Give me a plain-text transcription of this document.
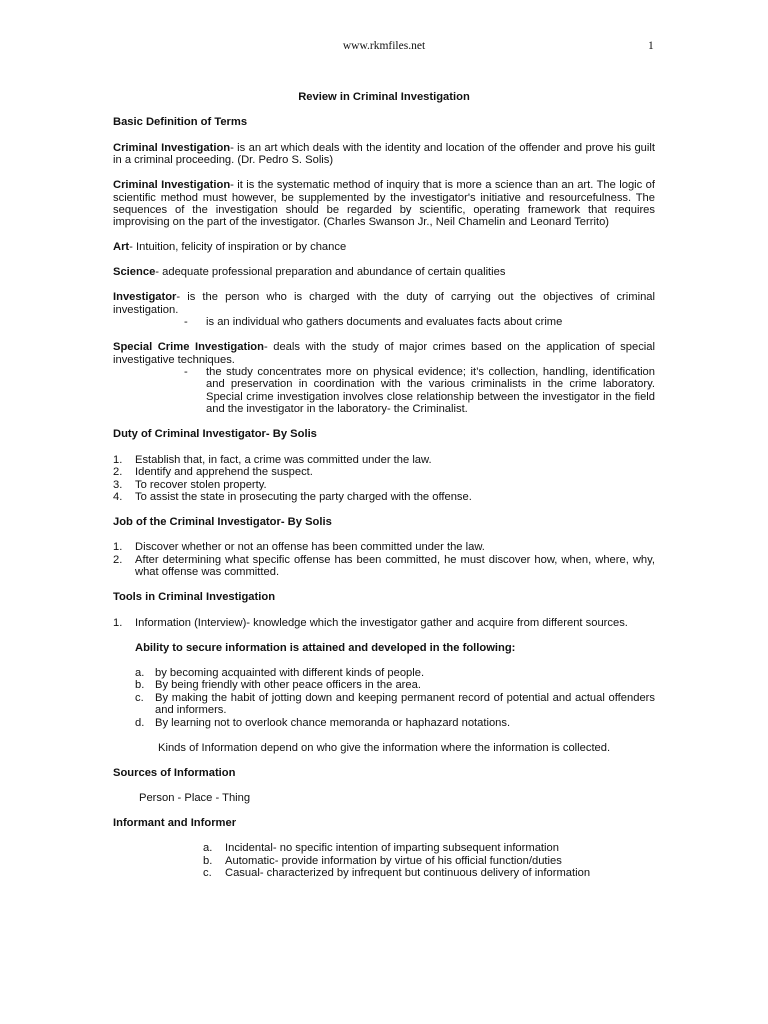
www.rkmfiles.net	1
Review in Criminal Investigation
Basic Definition of Terms

Criminal Investigation- is an art which deals with the identity and location of the offender and prove his guilt in a criminal proceeding. (Dr. Pedro S. Solis)

Criminal Investigation- it is the systematic method of inquiry that is more a science than an art. The logic of scientific method must however, be supplemented by the investigator's initiative and resourcefulness. The sequences of the investigation should be regarded by scientific, operating framework that requires improvising on the part of the investigator. (Charles Swanson Jr., Neil Chamelin and Leonard Territo)

Art- Intuition, felicity of inspiration or by chance

Science- adequate professional preparation and abundance of certain qualities

Investigator- is the person who is charged with the duty of carrying out the objectives of criminal investigation.

- is an individual who gathers documents and evaluates facts about crime

Special Crime Investigation- deals with the study of major crimes based on the application of special investigative techniques.

- the study concentrates more on physical evidence; it’s collection, handling, identification and preservation in coordination with the various criminalists in the crime laboratory. Special crime investigation involves close relationship between the investigator in the field and the investigator in the laboratory- the Criminalist.
Duty of Criminal Investigator- By Solis
1. Establish that, in fact, a crime was committed under the law.
2. Identify and apprehend the suspect.
3. To recover stolen property.
4. To assist the state in prosecuting the party charged with the offense.
Job of the Criminal Investigator- By Solis
1. Discover whether or not an offense has been committed under the law.
2. After determining what specific offense has been committed, he must discover how, when, where, why, what offense was committed.
Tools in Criminal Investigation
1. Information (Interview)- knowledge which the investigator gather and acquire from different sources.
Ability to secure information is attained and developed in the following:
a. by becoming acquainted with different kinds of people.
b. By being friendly with other peace officers in the area.
c. By making the habit of jotting down and keeping permanent record of potential and actual offenders and informers.
d. By learning not to overlook chance memoranda or haphazard notations.

Kinds of Information depend on who give the information where the information is collected.

Sources of Information
Person - Place - Thing
Informant and Informer
a. Incidental- no specific intention of imparting subsequent information
b. Automatic- provide information by virtue of his official function/duties
c. Casual- characterized by infrequent but continuous delivery of information
